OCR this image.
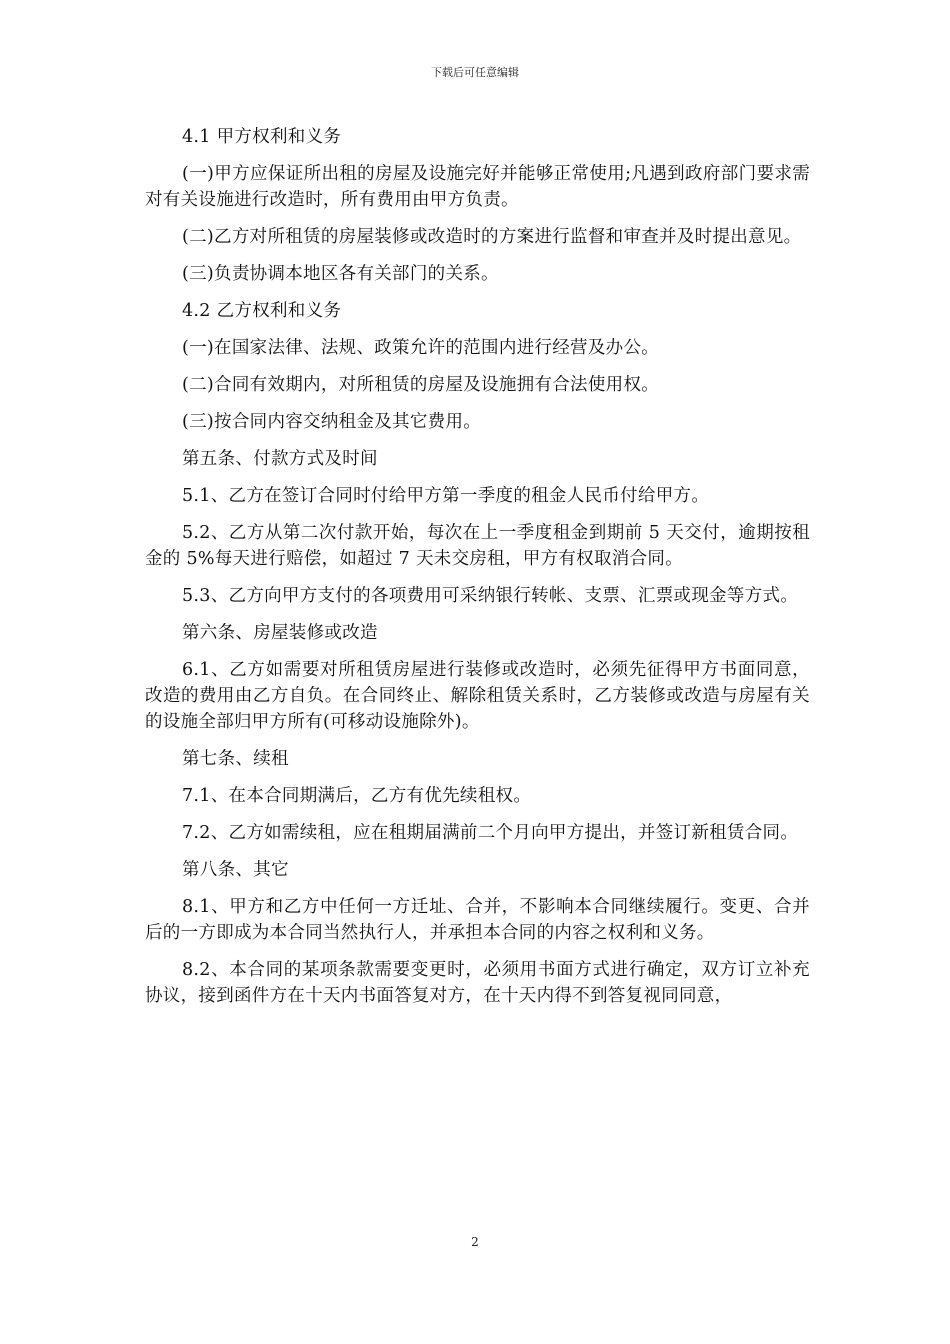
下载后可任意编辑

4.1 甲方权利和义务

(一)甲方应保证所出租的房屋及设施完好并能够正常使用;凡遇到政府部门要求需对有关设施进行改造时，所有费用由甲方负责。

(二)乙方对所租赁的房屋装修或改造时的方案进行监督和审查并及时提出意见。

(三)负责协调本地区各有关部门的关系。

4.2 乙方权利和义务

(一)在国家法律、法规、政策允许的范围内进行经营及办公。

(二)合同有效期内，对所租赁的房屋及设施拥有合法使用权。

(三)按合同内容交纳租金及其它费用。

第五条、付款方式及时间

5.1、乙方在签订合同时付给甲方第一季度的租金人民币付给甲方。

5.2、乙方从第二次付款开始，每次在上一季度租金到期前 5 天交付，逾期按租金的 5%每天进行赔偿，如超过 7 天未交房租，甲方有权取消合同。

5.3、乙方向甲方支付的各项费用可采纳银行转帐、支票、汇票或现金等方式。

第六条、房屋装修或改造

6.1、乙方如需要对所租赁房屋进行装修或改造时，必须先征得甲方书面同意，改造的费用由乙方自负。在合同终止、解除租赁关系时，乙方装修或改造与房屋有关的设施全部归甲方所有(可移动设施除外)。

第七条、续租

7.1、在本合同期满后，乙方有优先续租权。

7.2、乙方如需续租，应在租期届满前二个月向甲方提出，并签订新租赁合同。

第八条、其它

8.1、甲方和乙方中任何一方迁址、合并，不影响本合同继续履行。变更、合并后的一方即成为本合同当然执行人，并承担本合同的内容之权利和义务。

8.2、本合同的某项条款需要变更时，必须用书面方式进行确定，双方订立补充协议，接到函件方在十天内书面答复对方，在十天内得不到答复视同同意，

2
